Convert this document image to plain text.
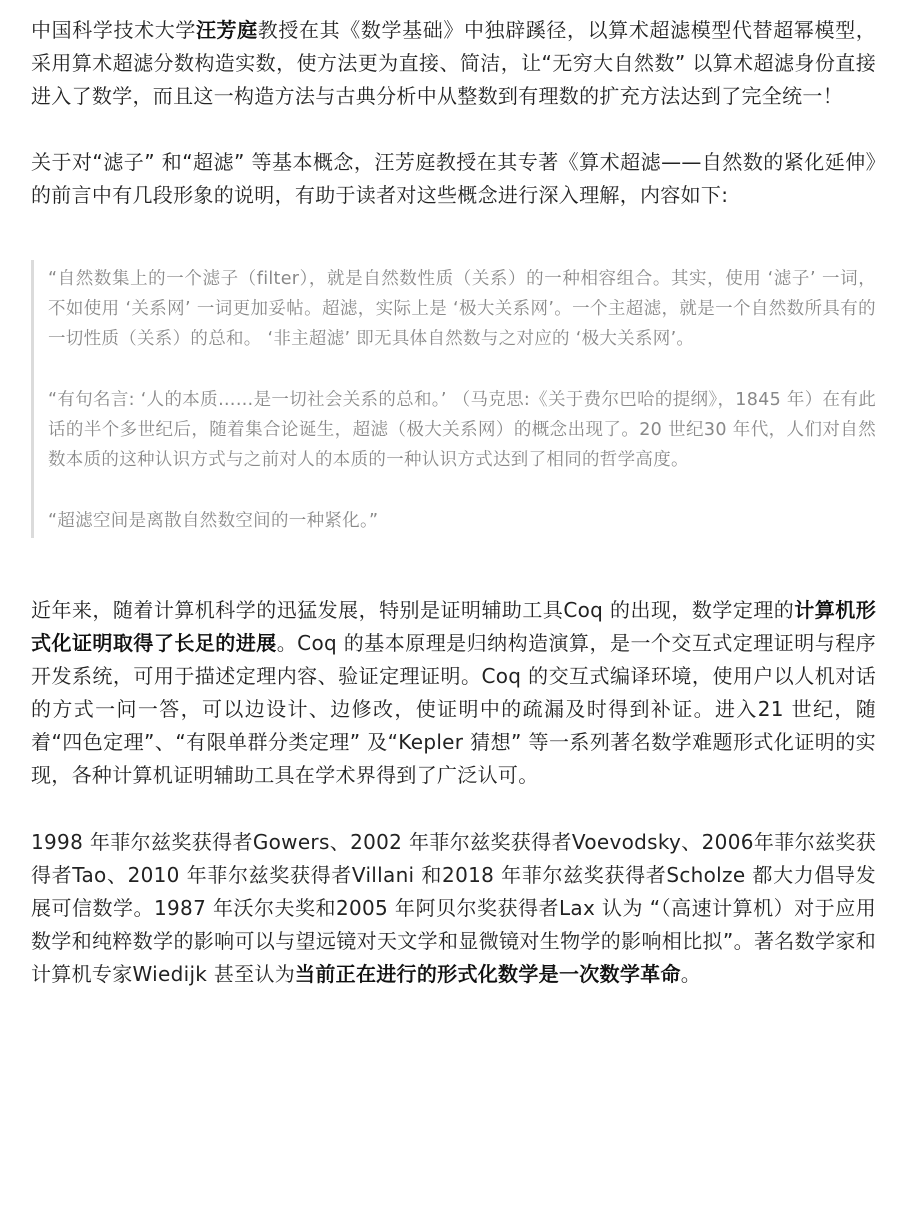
中国科学技术大学汪芳庭教授在其《数学基础》中独辟蹊径，以算术超滤模型代替超幂模型，采用算术超滤分数构造实数，使方法更为直接、简洁，让“无穷大自然数” 以算术超滤身份直接进入了数学，而且这一构造方法与古典分析中从整数到有理数的扩充方法达到了完全统一！

关于对“滤子” 和“超滤” 等基本概念，汪芳庭教授在其专著《算术超滤——自然数的紧化延伸》的前言中有几段形象的说明，有助于读者对这些概念进行深入理解，内容如下:

“自然数集上的一个滤子（filter），就是自然数性质（关系）的一种相容组合。其实，使用 ‘滤子’ 一词，不如使用 ‘关系网’ 一词更加妥帖。超滤，实际上是 ‘极大关系网’。一个主超滤，就是一个自然数所具有的一切性质（关系）的总和。 ‘非主超滤’ 即无具体自然数与之对应的 ‘极大关系网’。

“有句名言: ‘人的本质……是一切社会关系的总和。’ （马克思:《关于费尔巴哈的提纲》，1845 年）在有此话的半个多世纪后，随着集合论诞生，超滤（极大关系网）的概念出现了。20 世纪30 年代，人们对自然数本质的这种认识方式与之前对人的本质的一种认识方式达到了相同的哲学高度。

“超滤空间是离散自然数空间的一种紧化。”

近年来，随着计算机科学的迅猛发展，特别是证明辅助工具Coq 的出现，数学定理的计算机形式化证明取得了长足的进展。Coq 的基本原理是归纳构造演算，是一个交互式定理证明与程序开发系统，可用于描述定理内容、验证定理证明。Coq 的交互式编译环境，使用户以人机对话的方式一问一答，可以边设计、边修改，使证明中的疏漏及时得到补证。进入21 世纪，随着“四色定理”、“有限单群分类定理” 及“Kepler 猜想” 等一系列著名数学难题形式化证明的实现，各种计算机证明辅助工具在学术界得到了广泛认可。

1998 年菲尔兹奖获得者Gowers、2002 年菲尔兹奖获得者Voevodsky、2006年菲尔兹奖获得者Tao、2010 年菲尔兹奖获得者Villani 和2018 年菲尔兹奖获得者Scholze 都大力倡导发展可信数学。1987 年沃尔夫奖和2005 年阿贝尔奖获得者Lax 认为 “（高速计算机）对于应用数学和纯粹数学的影响可以与望远镜对天文学和显微镜对生物学的影响相比拟”。著名数学家和计算机专家Wiedijk 甚至认为当前正在进行的形式化数学是一次数学革命。
